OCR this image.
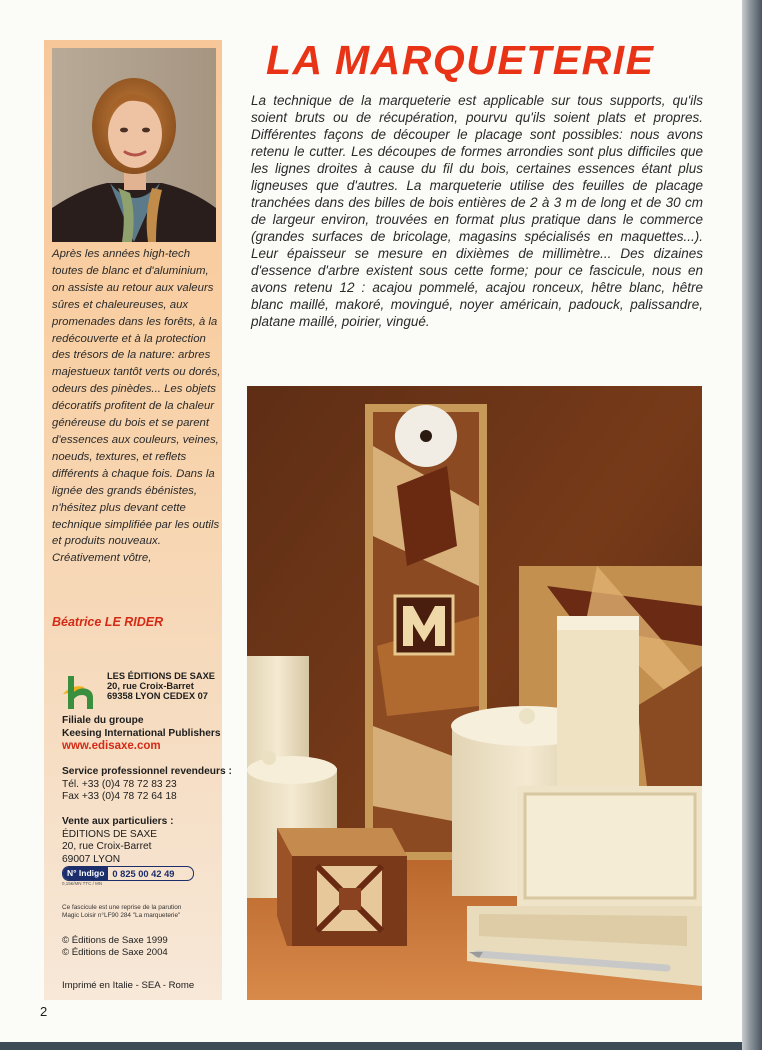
Après les années high-tech toutes de blanc et d'aluminium, on assiste au retour aux valeurs sûres et chaleureuses, aux promenades dans les forêts, à la redécouverte et à la protection des trésors de la nature: arbres majestueux tantôt verts ou dorés, odeurs des pinèdes... Les objets décoratifs profitent de la chaleur généreuse du bois et se parent d'essences aux couleurs, veines, noeuds, textures, et reflets différents à chaque fois. Dans la lignée des grands ébénistes, n'hésitez plus devant cette technique simplifiée par les outils et produits nouveaux. Créativement vôtre,

Béatrice LE RIDER

LES ÉDITIONS DE SAXE
20, rue Croix-Barret
69358 LYON CEDEX 07
Filiale du groupe
Keesing International Publishers
www.edisaxe.com
Service professionnel revendeurs :
Tél. +33 (0)4 78 72 83 23
Fax +33 (0)4 78 72 64 18
Vente aux particuliers :
ÉDITIONS DE SAXE
20, rue Croix-Barret
69007 LYON
N° Indigo 0 825 00 42 49
0,15€/MN TTC / MN
Ce fascicule est une reprise de la parution
Magic Loisir n°LF90 284 "La marqueterie"
© Éditions de Saxe 1999
© Éditions de Saxe 2004
Imprimé en Italie - SEA - Rome
2
LA MARQUETERIE

La technique de la marqueterie est applicable sur tous supports, qu'ils soient bruts ou de récupération, pourvu qu'ils soient plats et propres. Différentes façons de découper le placage sont possibles: nous avons retenu le cutter. Les découpes de formes arrondies sont plus difficiles que les lignes droites à cause du fil du bois, certaines essences étant plus ligneuses que d'autres. La marqueterie utilise des feuilles de placage tranchées dans des billes de bois entières de 2 à 3 m de long et de 30 cm de largeur environ, trouvées en format plus pratique dans le commerce (grandes surfaces de bricolage, magasins spécialisés en maquettes...). Leur épaisseur se mesure en dixièmes de millimètre... Des dizaines d'essence d'arbre existent sous cette forme; pour ce fascicule, nous en avons retenu 12 : acajou pommelé, acajou ronceux, hêtre blanc, hêtre blanc maillé, makoré, movingué, noyer américain, padouck, palissandre, platane maillé, poirier, vingué.
